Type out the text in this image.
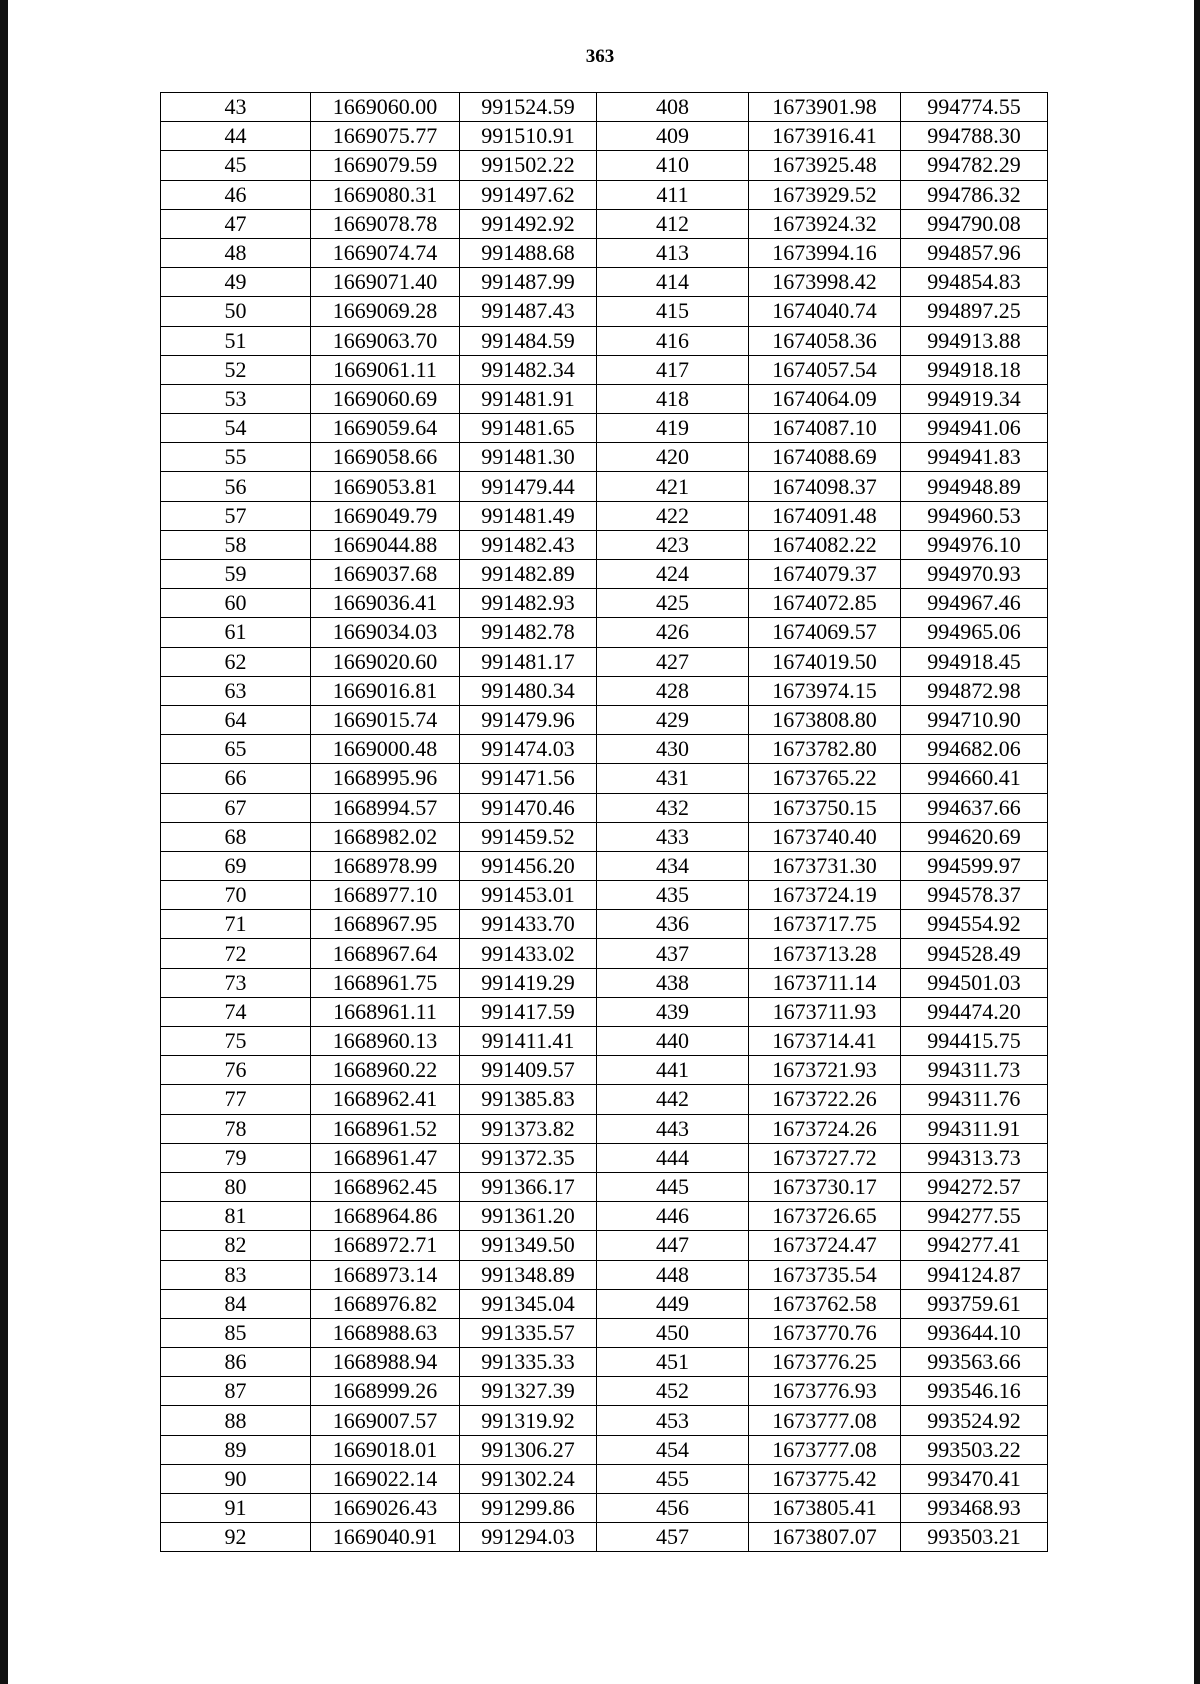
363
43	1669060.00	991524.59	408	1673901.98	994774.55
44	1669075.77	991510.91	409	1673916.41	994788.30
45	1669079.59	991502.22	410	1673925.48	994782.29
46	1669080.31	991497.62	411	1673929.52	994786.32
47	1669078.78	991492.92	412	1673924.32	994790.08
48	1669074.74	991488.68	413	1673994.16	994857.96
49	1669071.40	991487.99	414	1673998.42	994854.83
50	1669069.28	991487.43	415	1674040.74	994897.25
51	1669063.70	991484.59	416	1674058.36	994913.88
52	1669061.11	991482.34	417	1674057.54	994918.18
53	1669060.69	991481.91	418	1674064.09	994919.34
54	1669059.64	991481.65	419	1674087.10	994941.06
55	1669058.66	991481.30	420	1674088.69	994941.83
56	1669053.81	991479.44	421	1674098.37	994948.89
57	1669049.79	991481.49	422	1674091.48	994960.53
58	1669044.88	991482.43	423	1674082.22	994976.10
59	1669037.68	991482.89	424	1674079.37	994970.93
60	1669036.41	991482.93	425	1674072.85	994967.46
61	1669034.03	991482.78	426	1674069.57	994965.06
62	1669020.60	991481.17	427	1674019.50	994918.45
63	1669016.81	991480.34	428	1673974.15	994872.98
64	1669015.74	991479.96	429	1673808.80	994710.90
65	1669000.48	991474.03	430	1673782.80	994682.06
66	1668995.96	991471.56	431	1673765.22	994660.41
67	1668994.57	991470.46	432	1673750.15	994637.66
68	1668982.02	991459.52	433	1673740.40	994620.69
69	1668978.99	991456.20	434	1673731.30	994599.97
70	1668977.10	991453.01	435	1673724.19	994578.37
71	1668967.95	991433.70	436	1673717.75	994554.92
72	1668967.64	991433.02	437	1673713.28	994528.49
73	1668961.75	991419.29	438	1673711.14	994501.03
74	1668961.11	991417.59	439	1673711.93	994474.20
75	1668960.13	991411.41	440	1673714.41	994415.75
76	1668960.22	991409.57	441	1673721.93	994311.73
77	1668962.41	991385.83	442	1673722.26	994311.76
78	1668961.52	991373.82	443	1673724.26	994311.91
79	1668961.47	991372.35	444	1673727.72	994313.73
80	1668962.45	991366.17	445	1673730.17	994272.57
81	1668964.86	991361.20	446	1673726.65	994277.55
82	1668972.71	991349.50	447	1673724.47	994277.41
83	1668973.14	991348.89	448	1673735.54	994124.87
84	1668976.82	991345.04	449	1673762.58	993759.61
85	1668988.63	991335.57	450	1673770.76	993644.10
86	1668988.94	991335.33	451	1673776.25	993563.66
87	1668999.26	991327.39	452	1673776.93	993546.16
88	1669007.57	991319.92	453	1673777.08	993524.92
89	1669018.01	991306.27	454	1673777.08	993503.22
90	1669022.14	991302.24	455	1673775.42	993470.41
91	1669026.43	991299.86	456	1673805.41	993468.93
92	1669040.91	991294.03	457	1673807.07	993503.21
